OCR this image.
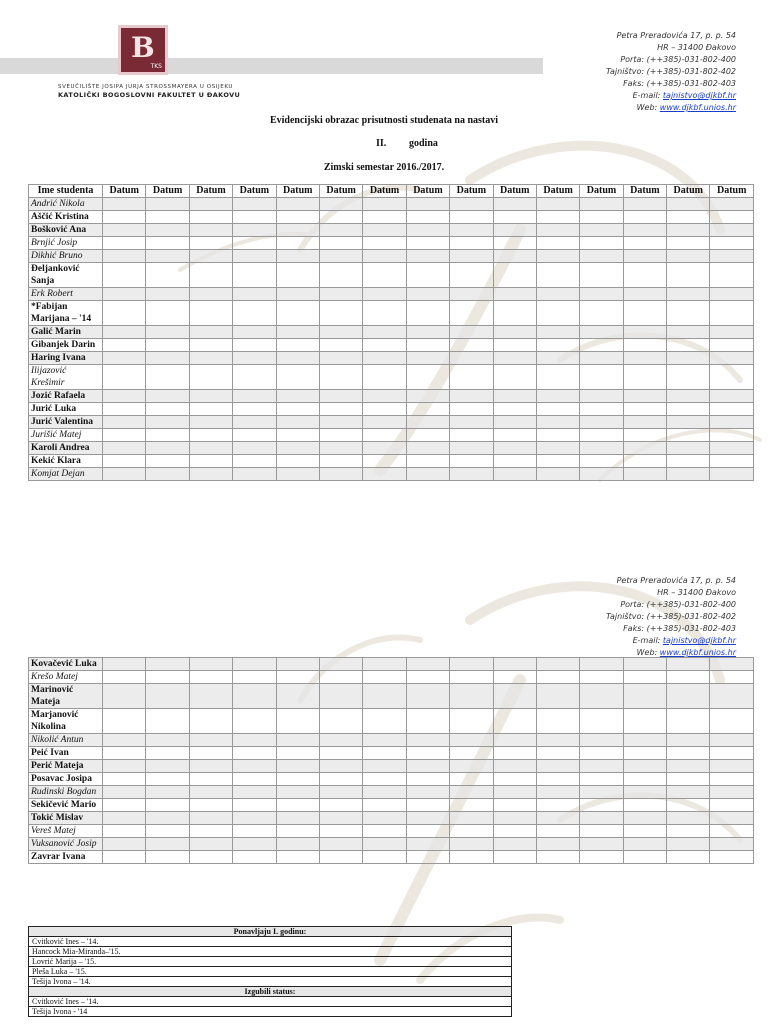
B
TKS
SVEUČILIŠTE JOSIPA JURJA STROSSMAYERA U OSIJEKU
KATOLIČKI BOGOSLOVNI FAKULTET U ĐAKOVU
Petra Preradovića 17, p. p. 54
HR – 31400 Đakovo
Porta: (++385)-031-802-400
Tajništvo: (++385)-031-802-402
Faks: (++385)-031-802-403
E-mail: tajnistvo@djkbf.hr
Web: www.djkbf.unios.hr
Evidencijski obrazac prisutnosti studenata na nastavi
II. godina
Zimski semestar 2016./2017.
Ime studenta	Datum	Datum	Datum	Datum	Datum	Datum	Datum	Datum	Datum	Datum	Datum	Datum	Datum	Datum	Datum
Andrić Nikola															
Aščić Kristina															
Bošković Ana															
Brnjić Josip															
Dikhić Bruno															
Đeljanković Sanja															
Erk Robert															
*Fabijan Marijana – '14															
Galić Marin															
Gibanjek Darin															
Haring Ivana															
Ilijazović Krešimir															
Jozić Rafaela															
Jurić Luka															
Jurić Valentina															
Jurišić Matej															
Karoli Andrea															
Kekić Klara															
Komjat Dejan															
Petra Preradovića 17, p. p. 54
HR – 31400 Đakovo
Porta: (++385)-031-802-400
Tajništvo: (++385)-031-802-402
Faks: (++385)-031-802-403
E-mail: tajnistvo@djkbf.hr
Web: www.djkbf.unios.hr
Kovačević Luka															
Krešo Matej															
Marinović Mateja															
Marjanović Nikolina															
Nikolić Antun															
Peić Ivan															
Perić Mateja															
Posavac Josipa															
Rudinski Bogdan															
Sekičević Mario															
Tokić Mislav															
Vereš Matej															
Vuksanović Josip															
Zavrar Ivana															
Ponavljaju I. godinu:
Cvitković Ines – '14.
Hancock Mia-Miranda–'15.
Lovrić Marija – '15.
Pleša Luka – '15.
Tešija Ivona – '14.
Izgubili status:
Cvitković Ines – '14.
Tešija Ivona - '14
